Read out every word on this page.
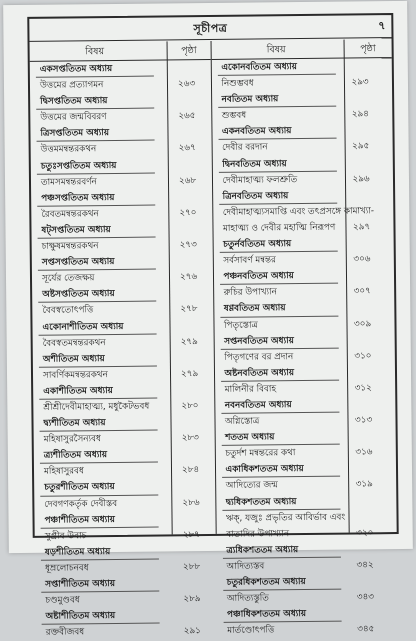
সূচীপত্র	৭
বিষয়	পৃষ্ঠা
একসপ্ততিতম অধ্যায়
উত্তমের প্রত্যাগমন	২৬৩
দ্বিসপ্ততিতম অধ্যায়
উত্তমের জন্মবিবরণ	২৬৫
ত্রিসপ্ততিতম অধ্যায়
উত্তমমন্বন্তরকথন	২৬৭
চতুঃসপ্ততিতম অধ্যায়
তামসমন্বন্তরবর্ণন	২৬৮
পঞ্চসপ্ততিতম অধ্যায়
রৈবতমন্বন্তরকথন	২৭০
ষট্সপ্ততিতম অধ্যায়
চাক্ষুষমন্বন্তরকথন	২৭৩
সপ্তসপ্ততিতম অধ্যায়
সূর্যের তেজক্ষয়	২৭৬
অষ্টসপ্ততিতম অধ্যায়
বৈবস্বতোৎপত্তি	২৭৮
একোনাশীতিতম অধ্যায়
বৈবস্বতমন্বন্তরকথন	২৭৯
অশীতিতম অধ্যায়
সাবর্ণিকমন্বন্তরকথন	২৭৯
একাশীতিতম অধ্যায়
শ্রীশ্রীদেবীমাহাত্ম্য, মধুকৈটভবধ	২৮০
দ্ব্যশীতিতম অধ্যায়
মহিষাসুরসৈন্যবধ	২৮৩
ত্র্যশীতিতম অধ্যায়
মহিষাসুরবধ	২৮৪
চতুরশীতিতম অধ্যায়
দেবগণকর্তৃক দেবীস্তব	২৮৬
পঞ্চাশীতিতম অধ্যায়
সুগ্রীব উবাচ	২৮৭
ষড়শীতিতম অধ্যায়
ধূম্রলোচনবধ	২৮৮
সপ্তাশীতিতম অধ্যায়
চণ্ডমুণ্ডবধ	২৮৯
অষ্টাশীতিতম অধ্যায়
রক্তবীজবধ	২৯১
বিষয়	পৃষ্ঠা
একোনবতিতম অধ্যায়
নিশুম্ভবধ	২৯৩
নবতিতম অধ্যায়
শুম্ভবধ	২৯৪
একনবতিতম অধ্যায়
দেবীর বরদান	২৯৫
দ্বিনবতিতম অধ্যায়
দেবীমাহাত্ম্য ফলশ্রুতি	২৯৬
ত্রিনবতিতম অধ্যায়
দেবীমাহাত্ম্যসমাপ্তি এবং তৎপ্রসঙ্গে কামাখ্যা-
মাহাত্ম্য ও দেবীর মহাত্মি নিরূপণ ২৯৭
চতুর্নবতিতম অধ্যায়
সর্বসাবর্ণ মন্বন্তর	৩০৬
পঞ্চনবতিতম অধ্যায়
রুচির উপাখ্যান	৩০৭
ষণ্ণবতিতম অধ্যায়
পিতৃস্তোত্র	৩০৯
সপ্তনবতিতম অধ্যায়
পিতৃগণের বর প্রদান	৩১০
অষ্টনবতিতম অধ্যায়
মালিনীর বিবাহ	৩১২
নবনবতিতম অধ্যায়
অগ্নিস্তোত্র	৩১৩
শততম অধ্যায়
চতুর্দশ মন্বন্তরের কথা	৩১৬
একাধিকশততম অধ্যায়
আদিত্যের জন্ম	৩১৯
দ্ব্যধিকশততম অধ্যায়
ঋক্‌, যজুঃ প্রভৃতির আবির্ভাব এবং
বাতাদির উপাখ্যান	৩২০
ত্র্যধিকশততম অধ্যায়
আদিত্যস্তব	৩৪২
চতুরধিকশততম অধ্যায়
আদিত্যস্তুতি	৩৪৩
পঞ্চাধিকশততম অধ্যায়
মার্তণ্ডোৎপত্তি	৩৪৫
